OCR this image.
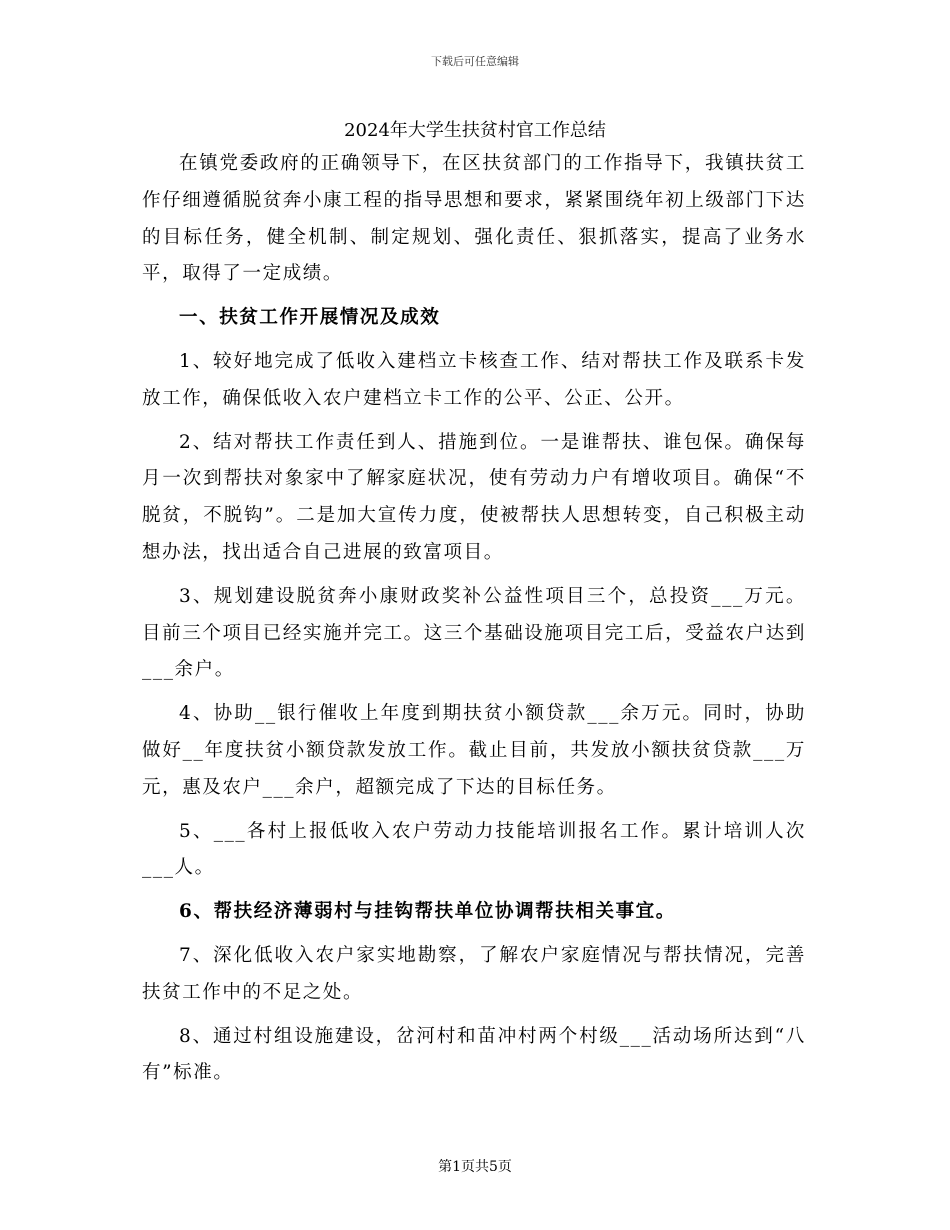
下载后可任意编辑
2024年大学生扶贫村官工作总结

在镇党委政府的正确领导下，在区扶贫部门的工作指导下，我镇扶贫工作仔细遵循脱贫奔小康工程的指导思想和要求，紧紧围绕年初上级部门下达的目标任务，健全机制、制定规划、强化责任、狠抓落实，提高了业务水平，取得了一定成绩。

一、扶贫工作开展情况及成效

1、较好地完成了低收入建档立卡核查工作、结对帮扶工作及联系卡发放工作，确保低收入农户建档立卡工作的公平、公正、公开。

2、结对帮扶工作责任到人、措施到位。一是谁帮扶、谁包保。确保每月一次到帮扶对象家中了解家庭状况，使有劳动力户有增收项目。确保“不脱贫，不脱钩”。二是加大宣传力度，使被帮扶人思想转变，自己积极主动想办法，找出适合自己进展的致富项目。

3、规划建设脱贫奔小康财政奖补公益性项目三个，总投资___万元。目前三个项目已经实施并完工。这三个基础设施项目完工后，受益农户达到___余户。

4、协助__银行催收上年度到期扶贫小额贷款___余万元。同时，协助做好__年度扶贫小额贷款发放工作。截止目前，共发放小额扶贫贷款___万元，惠及农户___余户，超额完成了下达的目标任务。

5、___各村上报低收入农户劳动力技能培训报名工作。累计培训人次___人。

6、帮扶经济薄弱村与挂钩帮扶单位协调帮扶相关事宜。

7、深化低收入农户家实地勘察，了解农户家庭情况与帮扶情况，完善扶贫工作中的不足之处。

8、通过村组设施建设，岔河村和苗冲村两个村级___活动场所达到“八有”标准。

第1页共5页
